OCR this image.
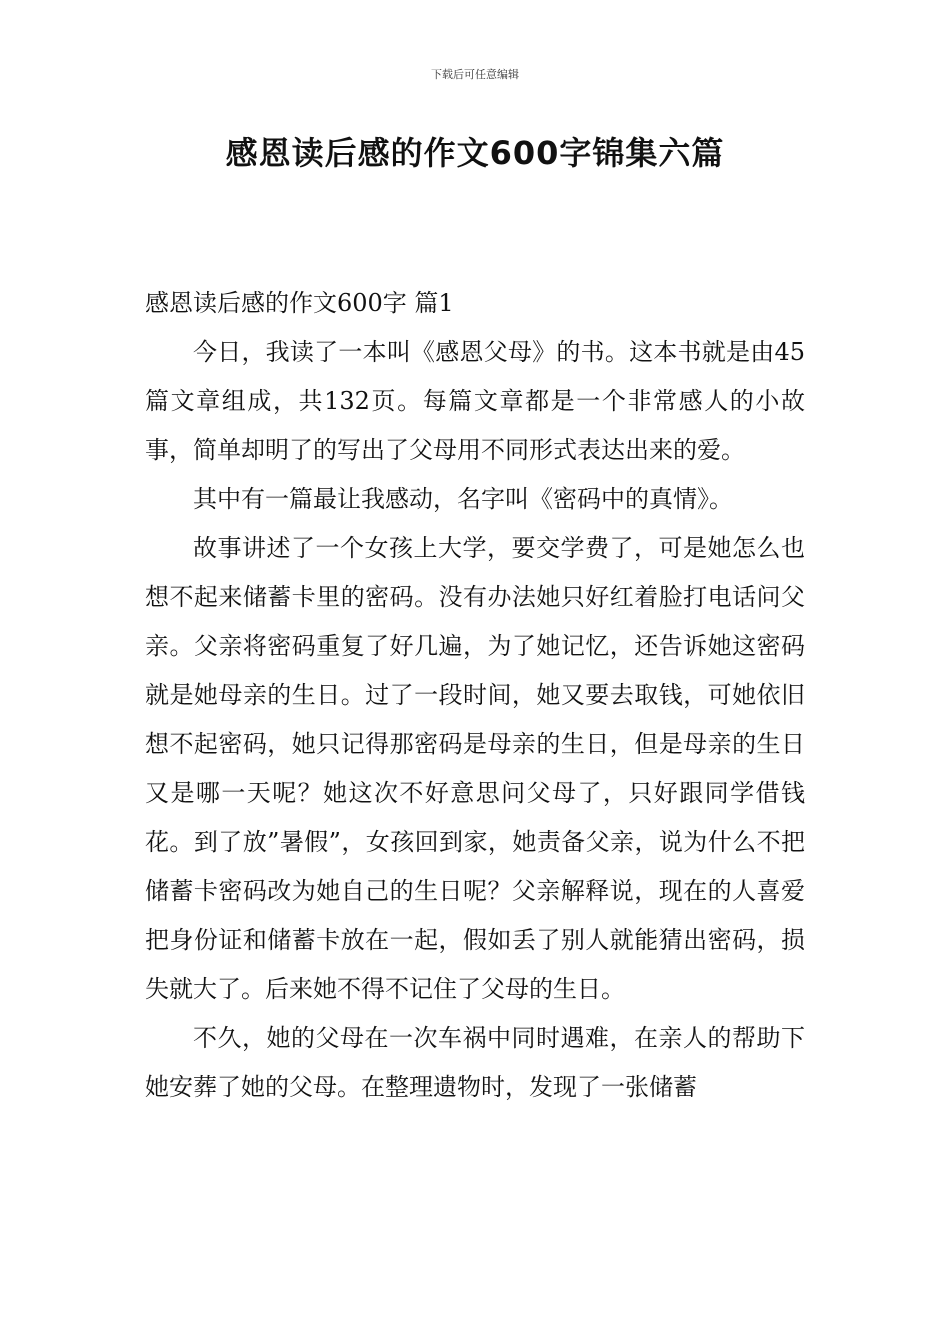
下载后可任意编辑
感恩读后感的作文600字锦集六篇

感恩读后感的作文600字 篇1

今日，我读了一本叫《感恩父母》的书。这本书就是由45篇文章组成，共132页。每篇文章都是一个非常感人的小故事，简单却明了的写出了父母用不同形式表达出来的爱。

其中有一篇最让我感动，名字叫《密码中的真情》。

故事讲述了一个女孩上大学，要交学费了，可是她怎么也想不起来储蓄卡里的密码。没有办法她只好红着脸打电话问父亲。父亲将密码重复了好几遍，为了她记忆，还告诉她这密码就是她母亲的生日。过了一段时间，她又要去取钱，可她依旧想不起密码，她只记得那密码是母亲的生日，但是母亲的生日又是哪一天呢？她这次不好意思问父母了，只好跟同学借钱花。到了放”暑假”，女孩回到家，她责备父亲，说为什么不把储蓄卡密码改为她自己的生日呢？父亲解释说，现在的人喜爱把身份证和储蓄卡放在一起，假如丢了别人就能猜出密码，损失就大了。后来她不得不记住了父母的生日。

不久，她的父母在一次车祸中同时遇难，在亲人的帮助下她安葬了她的父母。在整理遗物时，发现了一张储蓄
